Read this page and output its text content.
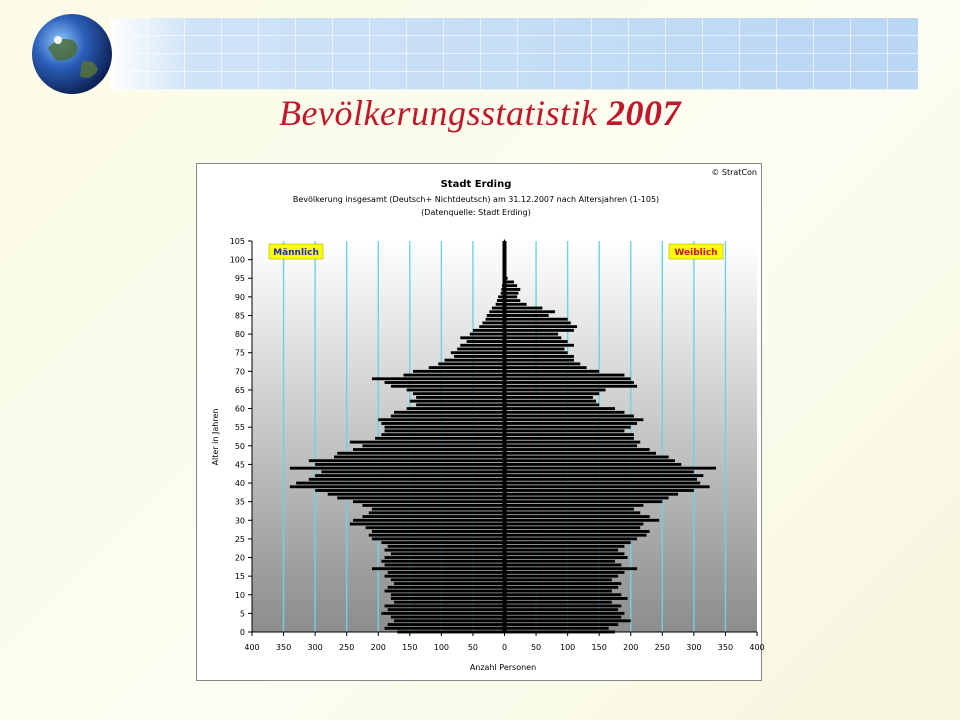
Bevölkerungsstatistik 2007
0
5
10
15
20
25
30
35
40
45
50
55
60
65
70
75
80
85
90
95
100
105
400 350 300 250 200 150 100 50	0	50 100 150 200 250 300 350 400
© StratCon
Stadt Erding
Bevölkerung insgesamt (Deutsch+ Nichtdeutsch) am 31.12.2007 nach Altersjahren (1-105)
(Datenquelle: Stadt Erding)
Männlich	Weiblich
Anzahl Personen
Alter in Jahren
